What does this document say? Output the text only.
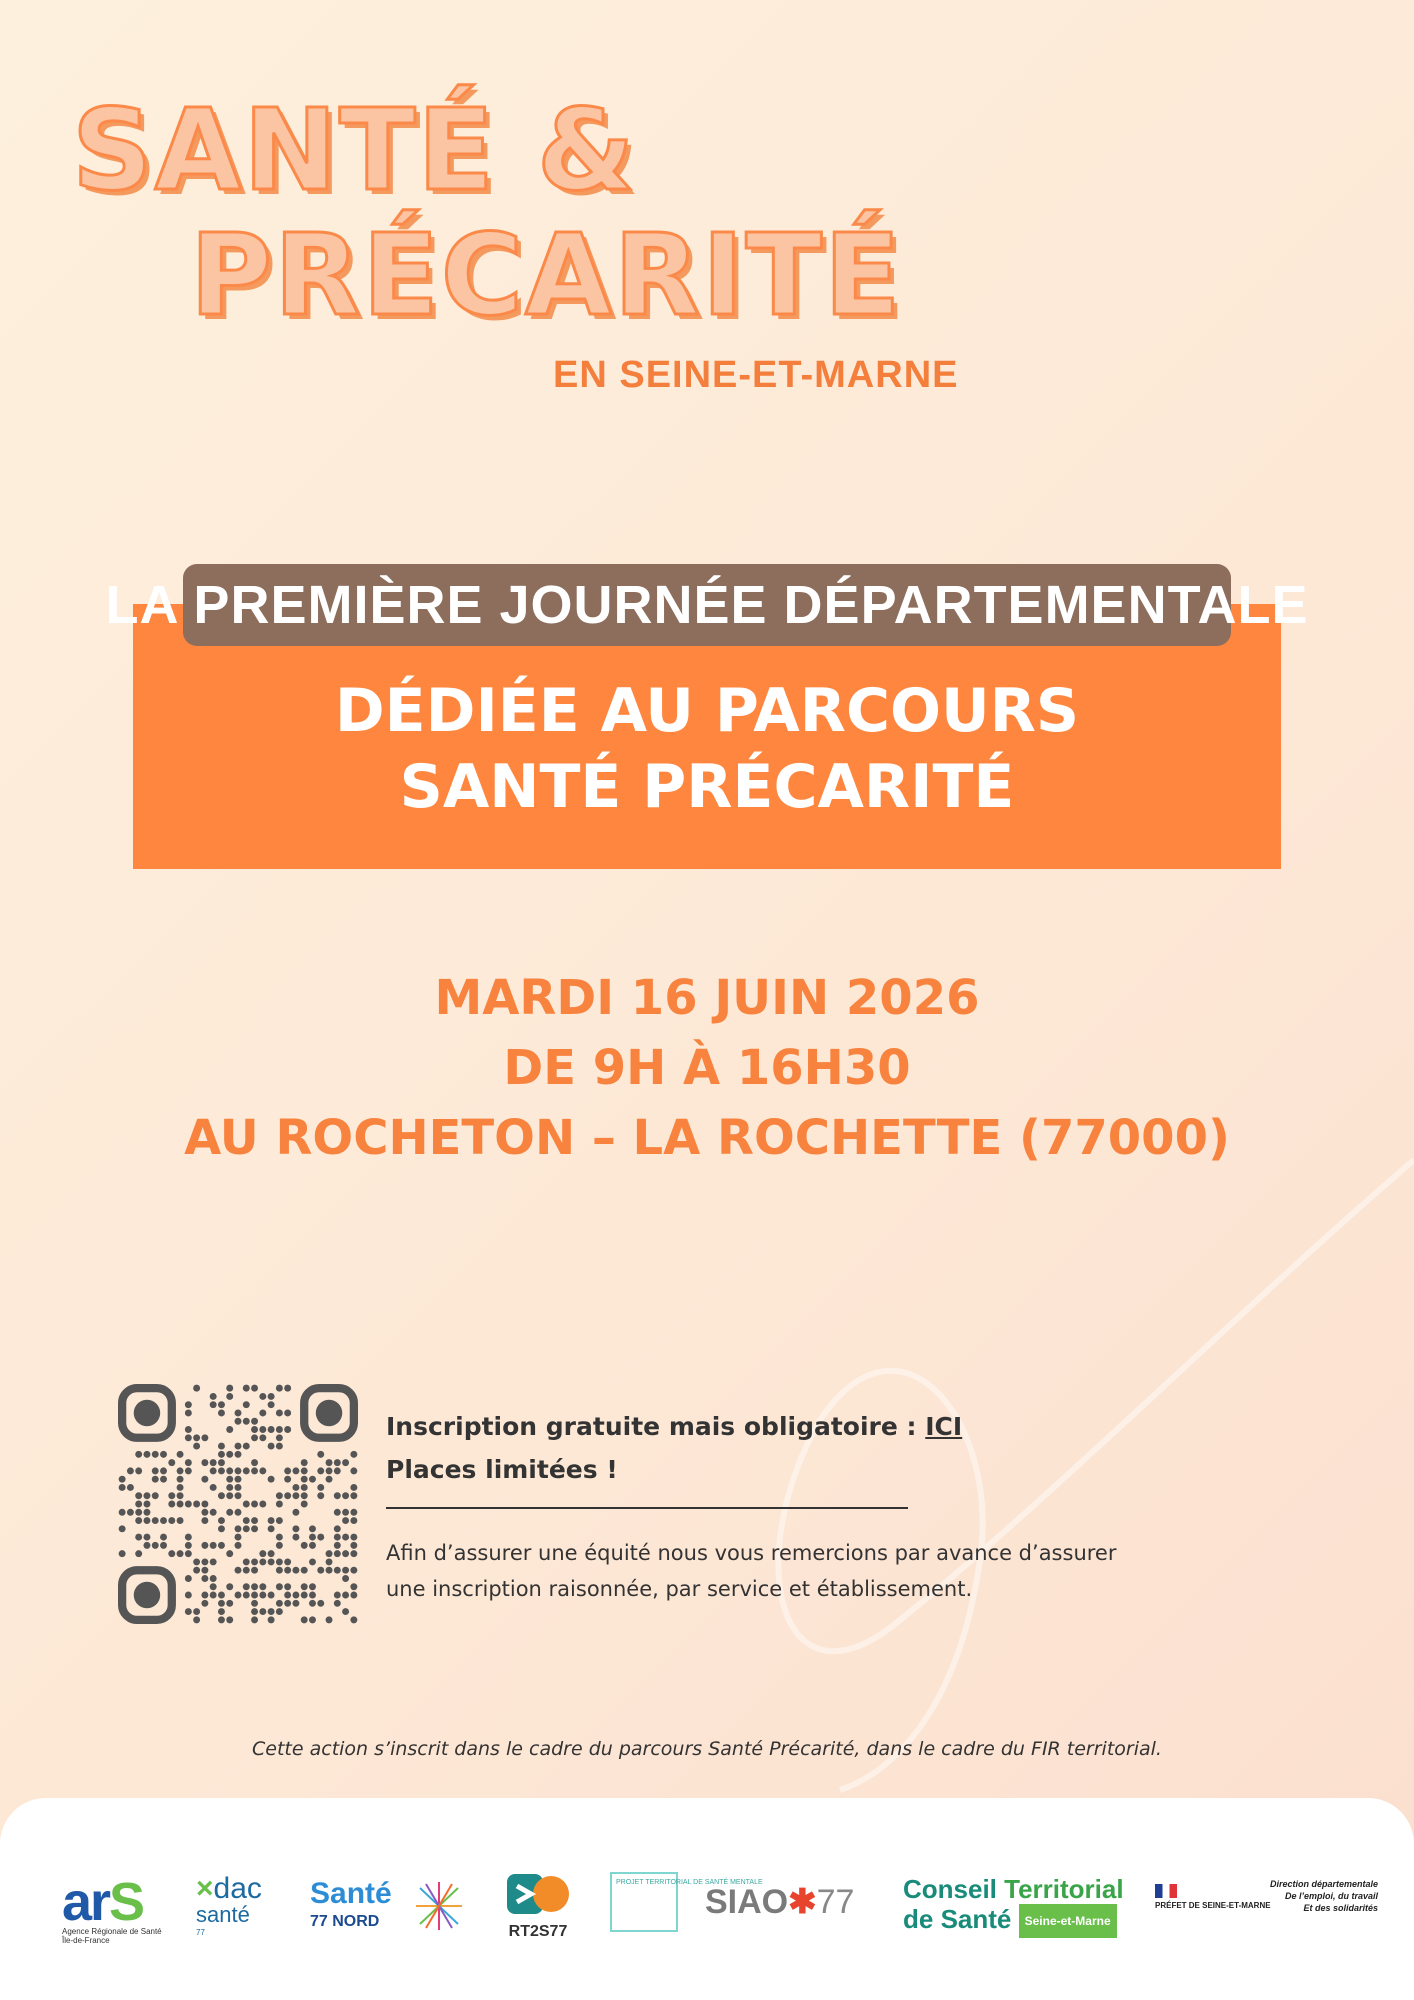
SANTÉ &
PRÉCARITÉ
EN SEINE-ET-MARNE
LA PREMIÈRE JOURNÉE DÉPARTEMENTALE
DÉDIÉE AU PARCOURS
SANTÉ PRÉCARITÉ
MARDI 16 JUIN 2026
DE 9H À 16H30
AU ROCHETON – LA ROCHETTE (77000)
Inscription gratuite mais obligatoire : ICI
Places limitées !
Afin d’assurer une équité nous vous remercions par avance d’assurer
une inscription raisonnée, par service et établissement.
Cette action s’inscrit dans le cadre du parcours Santé Précarité, dans le cadre du FIR territorial.
arS
Agence Régionale de Santé
Île-de-France
×dac
santé
77
Santé
77 NORD
RT2S77
PROJET TERRITORIAL DE SANTÉ MENTALE
SIAO✱77 Conseil Territorial
de Santé Seine-et-Marne

PRÉFET DE SEINE-ET-MARNE
Direction départementale
De l’emploi, du travail
Et des solidarités
